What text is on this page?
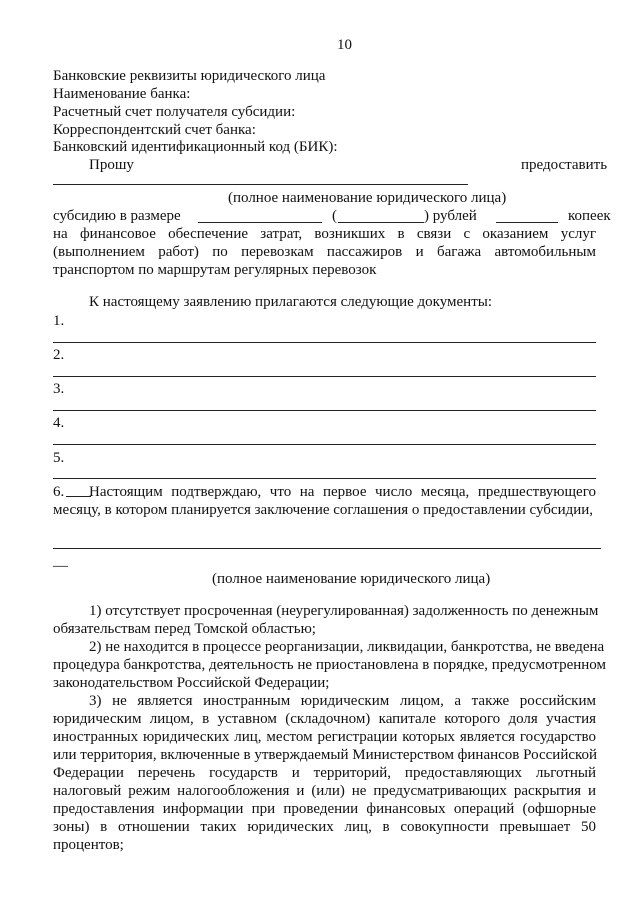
10
Банковские реквизиты юридического лица
Наименование банка:
Расчетный счет получателя субсидии:
Корреспондентский счет банка:
Банковский идентификационный код (БИК):
Прошу	предоставить
(полное наименование юридического лица)
субсидию в размере	(	) рублей	копеек
на финансовое обеспечение затрат, возникших в связи с оказанием услуг
(выполнением работ) по перевозкам пассажиров и багажа автомобильным
транспортом по маршрутам регулярных перевозок
К настоящему заявлению прилагаются следующие документы:
1.
2.
3.
4.
5.
6. Настоящим подтверждаю, что на первое число месяца, предшествующего
месяцу, в котором планируется заключение соглашения о предоставлении субсидии,
__
(полное наименование юридического лица)
1) отсутствует просроченная (неурегулированная) задолженность по денежным
обязательствам перед Томской областью;
2) не находится в процессе реорганизации, ликвидации, банкротства, не введена
процедура банкротства, деятельность не приостановлена в порядке, предусмотренном
законодательством Российской Федерации;
3) не является иностранным юридическим лицом, а также российским
юридическим лицом, в уставном (складочном) капитале которого доля участия
иностранных юридических лиц, местом регистрации которых является государство
или территория, включенные в утверждаемый Министерством финансов Российской
Федерации перечень государств и территорий, предоставляющих льготный
налоговый режим налогообложения и (или) не предусматривающих раскрытия и
предоставления информации при проведении финансовых операций (офшорные
зоны) в отношении таких юридических лиц, в совокупности превышает 50
процентов;
